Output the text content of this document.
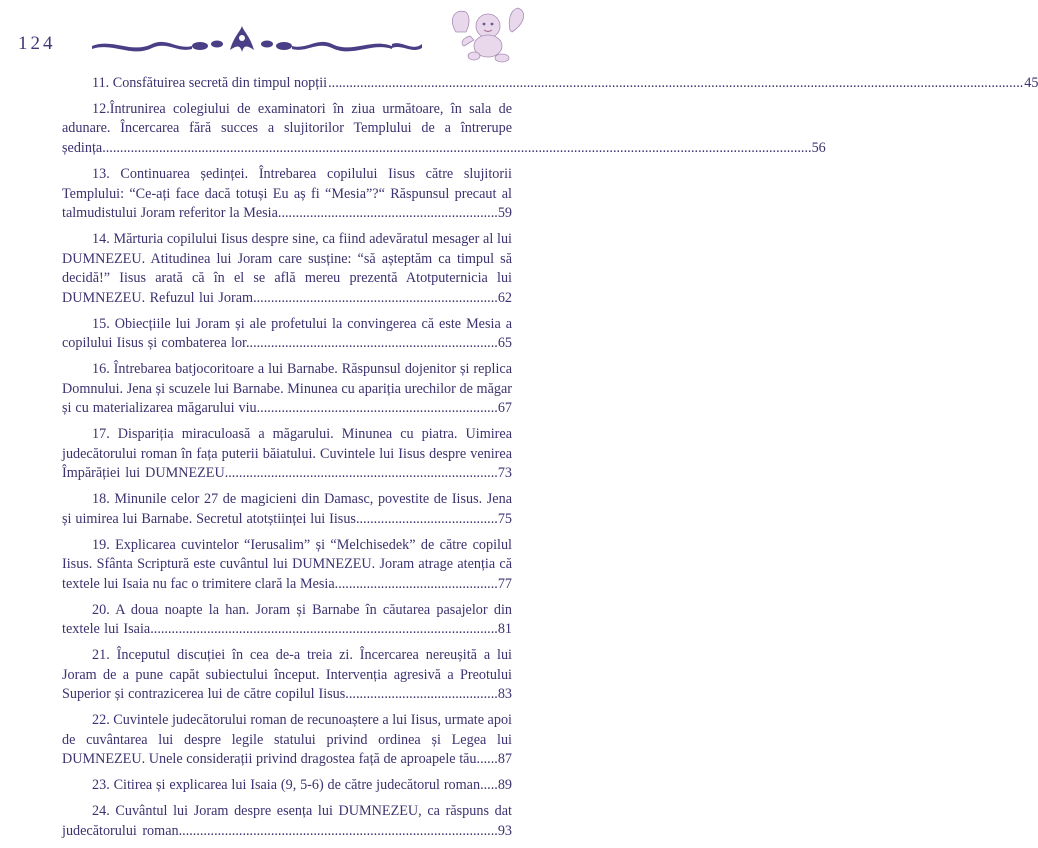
124
11. Consfătuirea secretă din timpul nopții .....	45
12.Întrunirea colegiului de examinatori în ziua următoare, în sala de adunare. Încercarea fără succes a slujitorilor Templului de a întrerupe ședința........................................................................................................................................................................................................56
13. Continuarea ședinței. Întrebarea copilului Iisus către slujitorii Templului: “Ce-ați face dacă totuși Eu aș fi “Mesia”?“ Răspunsul precaut al talmudistului Joram referitor la Mesia..............................................................59
14. Mărturia copilului Iisus despre sine, ca fiind adevăratul mesager al lui DUMNEZEU. Atitudinea lui Joram care susține: “să așteptăm ca timpul să decidă!” Iisus arată că în el se află mereu prezentă Atotputernicia lui DUMNEZEU. Refuzul lui Joram.....................................................................62
15. Obiecțiile lui Joram și ale profetului la convingerea că este Mesia a copilului Iisus și combaterea lor.......................................................................65
16. Întrebarea batjocoritoare a lui Barnabe. Răspunsul dojenitor și replica Domnului. Jena și scuzele lui Barnabe. Minunea cu apariția urechilor de măgar și cu materializarea măgarului viu....................................................................67
17. Dispariția miraculoasă a măgarului. Minunea cu piatra. Uimirea judecătorului roman în fața puterii băiatului. Cuvintele lui Iisus despre venirea Împărăției lui DUMNEZEU.............................................................................73
18. Minunile celor 27 de magicieni din Damasc, povestite de Iisus. Jena și uimirea lui Barnabe. Secretul atotștiinței lui Iisus........................................75
19. Explicarea cuvintelor “Ierusalim” și “Melchisedek” de către copilul Iisus. Sfânta Scriptură este cuvântul lui DUMNEZEU. Joram atrage atenția că textele lui Isaia nu fac o trimitere clară la Mesia..............................................77
20. A doua noapte la han. Joram și Barnabe în căutarea pasajelor din textele lui Isaia..................................................................................................81
21. Începutul discuției în cea de-a treia zi. Încercarea nereușită a lui Joram de a pune capăt subiectului început. Intervenția agresivă a Preotului Superior și contrazicerea lui de către copilul Iisus...........................................83
22. Cuvintele judecătorului roman de recunoaștere a lui Iisus, urmate apoi de cuvântarea lui despre legile statului privind ordinea și Legea lui DUMNEZEU. Unele considerații privind dragostea față de aproapele tău......87
23. Citirea și explicarea lui Isaia (9, 5-6) de către judecătorul roman.....89
24. Cuvântul lui Joram despre esența lui DUMNEZEU, ca răspuns dat judecătorului roman..........................................................................................93
